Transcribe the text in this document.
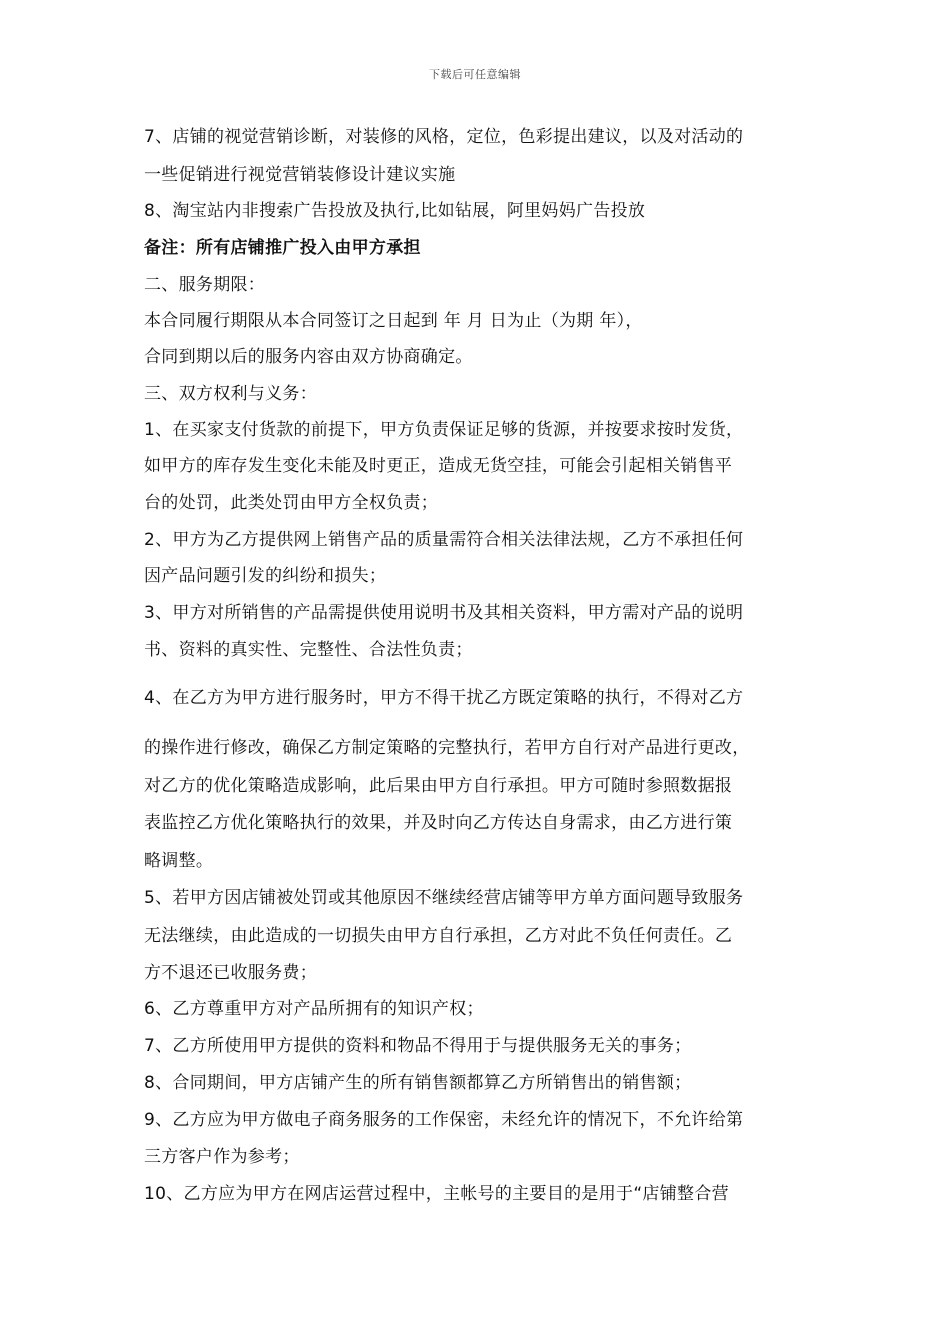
下载后可任意编辑
7、店铺的视觉营销诊断，对装修的风格，定位，色彩提出建议，以及对活动的
一些促销进行视觉营销装修设计建议实施
8、淘宝站内非搜索广告投放及执行,比如钻展，阿里妈妈广告投放
备注：所有店铺推广投入由甲方承担
二、服务期限：
本合同履行期限从本合同签订之日起到 年 月 日为止（为期 年），
合同到期以后的服务内容由双方协商确定。
三、双方权利与义务：
1、在买家支付货款的前提下，甲方负责保证足够的货源，并按要求按时发货，
如甲方的库存发生变化未能及时更正，造成无货空挂，可能会引起相关销售平
台的处罚，此类处罚由甲方全权负责；
2、甲方为乙方提供网上销售产品的质量需符合相关法律法规，乙方不承担任何
因产品问题引发的纠纷和损失；
3、甲方对所销售的产品需提供使用说明书及其相关资料，甲方需对产品的说明
书、资料的真实性、完整性、合法性负责；
4、在乙方为甲方进行服务时，甲方不得干扰乙方既定策略的执行，不得对乙方
的操作进行修改，确保乙方制定策略的完整执行，若甲方自行对产品进行更改，
对乙方的优化策略造成影响，此后果由甲方自行承担。甲方可随时参照数据报
表监控乙方优化策略执行的效果，并及时向乙方传达自身需求，由乙方进行策
略调整。
5、若甲方因店铺被处罚或其他原因不继续经营店铺等甲方单方面问题导致服务
无法继续，由此造成的一切损失由甲方自行承担，乙方对此不负任何责任。乙
方不退还已收服务费；
6、乙方尊重甲方对产品所拥有的知识产权；
7、乙方所使用甲方提供的资料和物品不得用于与提供服务无关的事务；
8、合同期间，甲方店铺产生的所有销售额都算乙方所销售出的销售额；
9、乙方应为甲方做电子商务服务的工作保密，未经允许的情况下，不允许给第
三方客户作为参考；
10、乙方应为甲方在网店运营过程中，主帐号的主要目的是用于“店铺整合营
